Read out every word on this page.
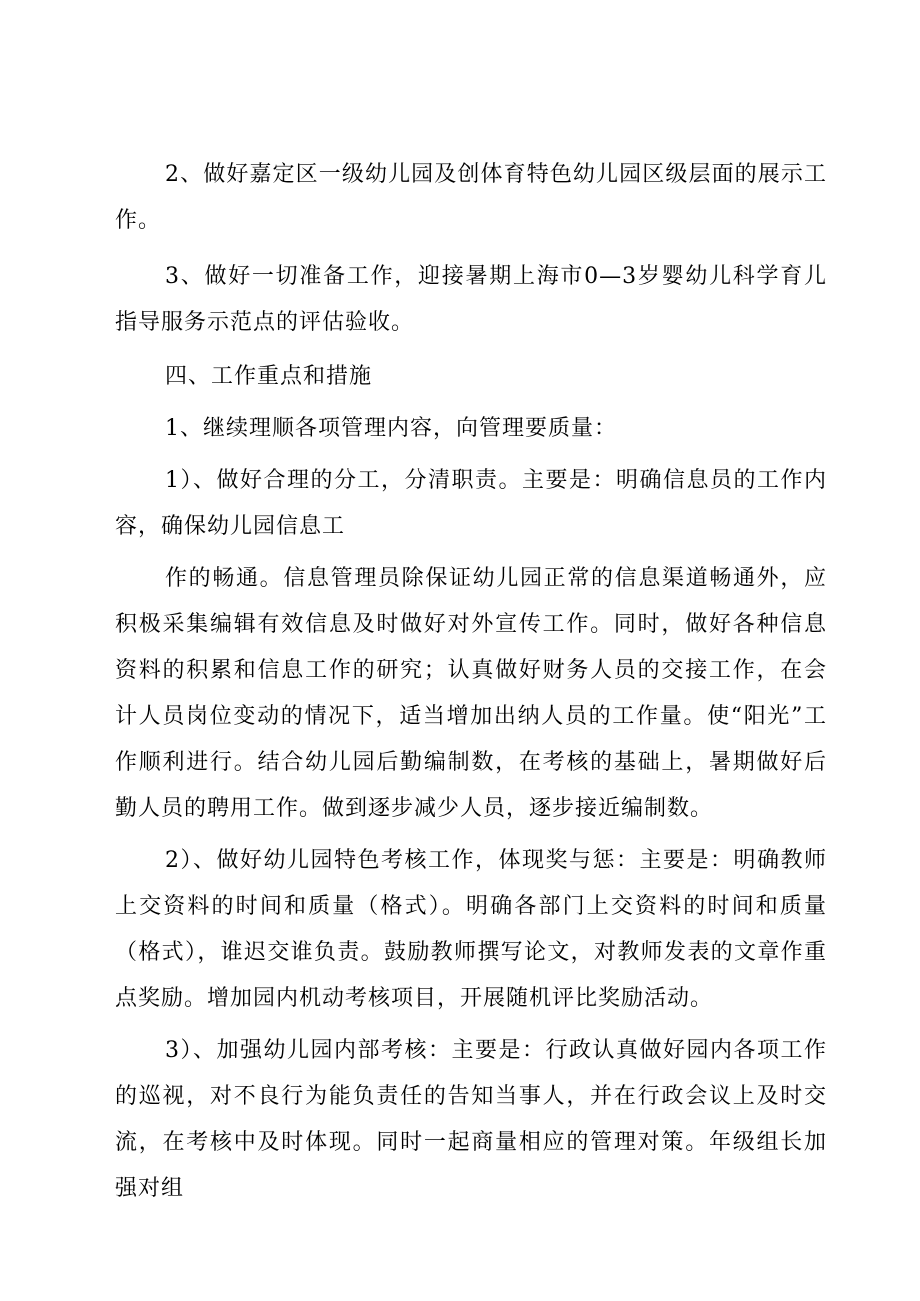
2、做好嘉定区一级幼儿园及创体育特色幼儿园区级层面的展示工作。

3、做好一切准备工作，迎接暑期上海市0—3岁婴幼儿科学育儿指导服务示范点的评估验收。

四、工作重点和措施

1、继续理顺各项管理内容，向管理要质量：

1）、做好合理的分工，分清职责。主要是：明确信息员的工作内容，确保幼儿园信息工

作的畅通。信息管理员除保证幼儿园正常的信息渠道畅通外，应积极采集编辑有效信息及时做好对外宣传工作。同时，做好各种信息资料的积累和信息工作的研究；认真做好财务人员的交接工作，在会计人员岗位变动的情况下，适当增加出纳人员的工作量。使“阳光”工作顺利进行。结合幼儿园后勤编制数，在考核的基础上，暑期做好后勤人员的聘用工作。做到逐步减少人员，逐步接近编制数。

2）、做好幼儿园特色考核工作，体现奖与惩：主要是：明确教师上交资料的时间和质量（格式）。明确各部门上交资料的时间和质量（格式），谁迟交谁负责。鼓励教师撰写论文，对教师发表的文章作重点奖励。增加园内机动考核项目，开展随机评比奖励活动。

3）、加强幼儿园内部考核：主要是：行政认真做好园内各项工作的巡视，对不良行为能负责任的告知当事人，并在行政会议上及时交流，在考核中及时体现。同时一起商量相应的管理对策。年级组长加强对组
